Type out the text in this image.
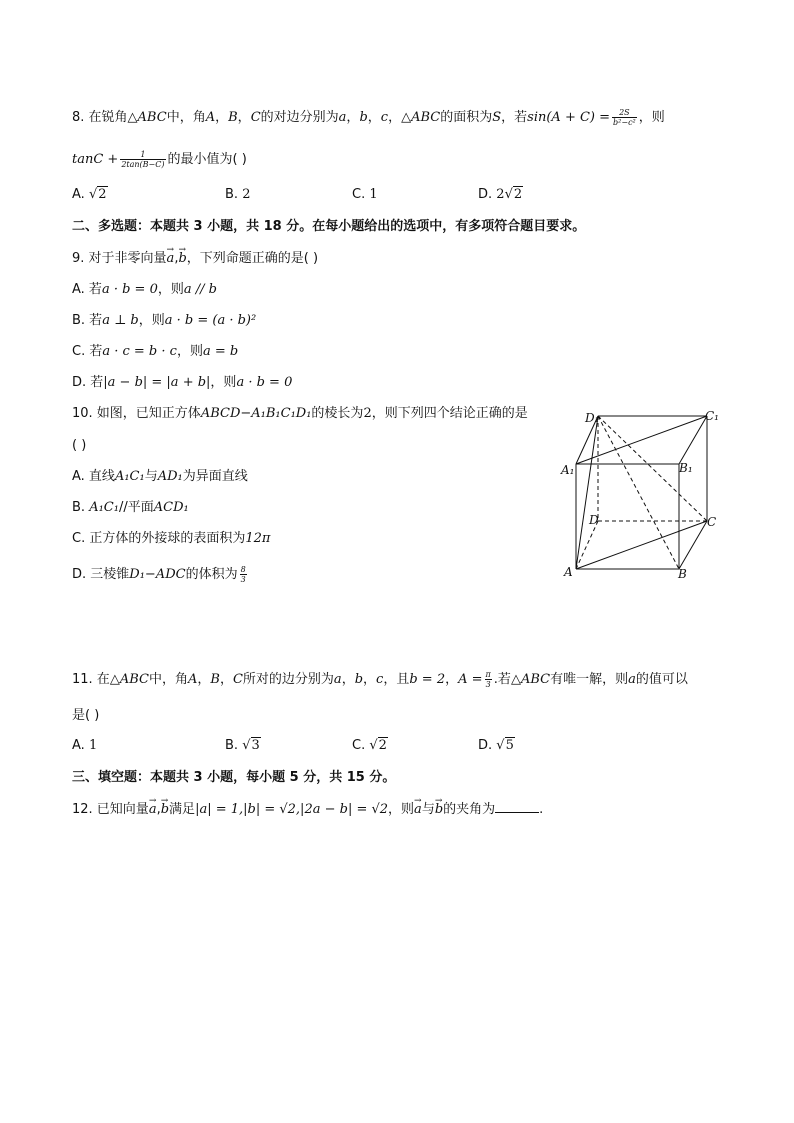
8. 在锐角△ABC中，角A，B，C的对边分别为a，b，c，△ABC的面积为S，若$\sin(A + C) = \frac{2S}{\text{b²−c²}}$ ，则
$\tan C + \frac{1}{2\tan(B-C)}$ 的最小值为( )
A. √2	B. 2	C. 1	D. 2√2
二、多选题：本题共 3 小题，共 18 分。在每小题给出的选项中，有多项符合题目要求。
9. 对于非零向量→ a,→ b，下列命题正确的是( )
A. 若a · b = 0，则a // b
B. 若a ⊥ b，则a · b = (a · b)²
C. 若a · c = b · c，则a = b
D. 若|a − b| = |a + b|，则a · b = 0
10. 如图，已知正方体ABCD−A₁B₁C₁D₁的棱长为2，则下列四个结论正确的是
( )
A. 直线A₁C₁与AD₁为异面直线
B. A₁C₁//平面ACD₁
C. 正方体的外接球的表面积为12π
D. 三棱锥D₁−ADC的体积为 $\frac{8}{3}$
D₁	C₁
A₁	B₁
D	C
A	B
11. 在△ABC中，角A，B，C所对的边分别为a，b，c，且b = 2，$A = \frac{\pi}{3}$ .若△ABC有唯一解，则a的值可以
是( )
A. 1	B. √3	C. √2	D. √5
三、填空题：本题共 3 小题，每小题 5 分，共 15 分。
12. 已知向量→ a,→ b满足|a| = 1,|b| = √2,|2a − b| = √2，则→ a与→ b的夹角为	.
